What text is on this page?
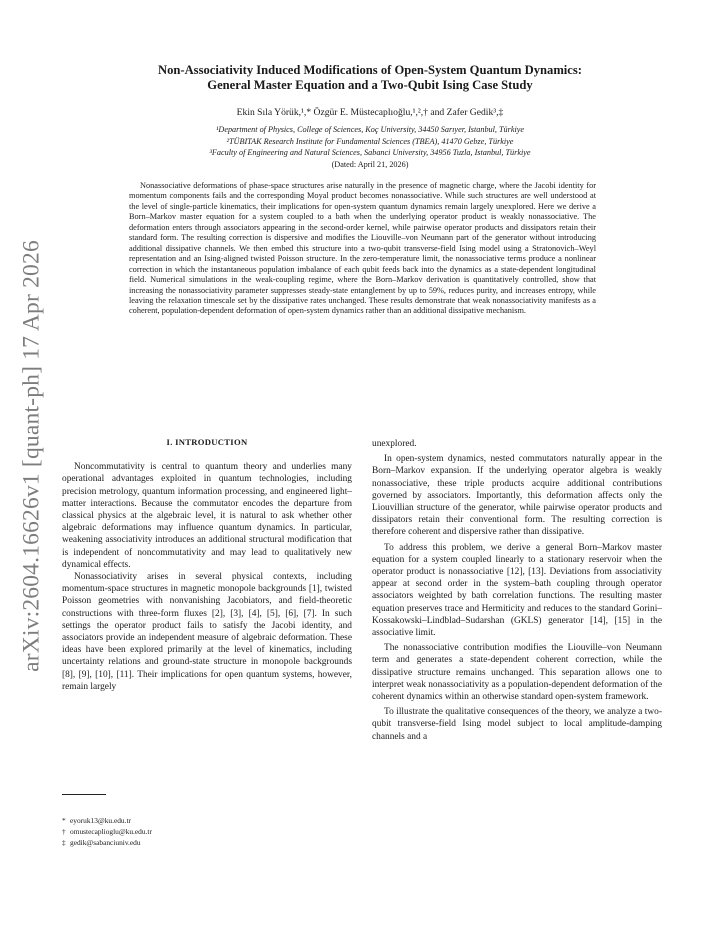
arXiv:2604.16626v1 [quant-ph] 17 Apr 2026
Non-Associativity Induced Modifications of Open-System Quantum Dynamics:
General Master Equation and a Two-Qubit Ising Case Study
Ekin Sıla Yörük,¹,* Özgür E. Müstecaplıoğlu,¹,²,† and Zafer Gedik³,‡
¹Department of Physics, College of Sciences, Koç University, 34450 Sarıyer, Istanbul, Türkiye
²TÜBITAK Research Institute for Fundamental Sciences (TBEA), 41470 Gebze, Türkiye
³Faculty of Engineering and Natural Sciences, Sabanci University, 34956 Tuzla, Istanbul, Türkiye
(Dated: April 21, 2026)
Nonassociative deformations of phase-space structures arise naturally in the presence of magnetic charge, where the Jacobi identity for momentum components fails and the corresponding Moyal product becomes nonassociative. While such structures are well understood at the level of single-particle kinematics, their implications for open-system quantum dynamics remain largely unexplored. Here we derive a Born–Markov master equation for a system coupled to a bath when the underlying operator product is weakly nonassociative. The deformation enters through associators appearing in the second-order kernel, while pairwise operator products and dissipators retain their standard form. The resulting correction is dispersive and modifies the Liouville–von Neumann part of the generator without introducing additional dissipative channels. We then embed this structure into a two-qubit transverse-field Ising model using a Stratonovich–Weyl representation and an Ising-aligned twisted Poisson structure. In the zero-temperature limit, the nonassociative terms produce a nonlinear correction in which the instantaneous population imbalance of each qubit feeds back into the dynamics as a state-dependent longitudinal field. Numerical simulations in the weak-coupling regime, where the Born–Markov derivation is quantitatively controlled, show that increasing the nonassociativity parameter suppresses steady-state entanglement by up to 59%, reduces purity, and increases entropy, while leaving the relaxation timescale set by the dissipative rates unchanged. These results demonstrate that weak nonassociativity manifests as a coherent, population-dependent deformation of open-system dynamics rather than an additional dissipative mechanism.
I. INTRODUCTION

Noncommutativity is central to quantum theory and underlies many operational advantages exploited in quantum technologies, including precision metrology, quantum information processing, and engineered light–matter interactions. Because the commutator encodes the departure from classical physics at the algebraic level, it is natural to ask whether other algebraic deformations may influence quantum dynamics. In particular, weakening associativity introduces an additional structural modification that is independent of noncommutativity and may lead to qualitatively new dynamical effects.

Nonassociativity arises in several physical contexts, including momentum-space structures in magnetic monopole backgrounds [1], twisted Poisson geometries with nonvanishing Jacobiators, and field-theoretic constructions with three-form fluxes [2], [3], [4], [5], [6], [7]. In such settings the operator product fails to satisfy the Jacobi identity, and associators provide an independent measure of algebraic deformation. These ideas have been explored primarily at the level of kinematics, including uncertainty relations and ground-state structure in monopole backgrounds [8], [9], [10], [11]. Their implications for open quantum systems, however, remain largely

unexplored.

In open-system dynamics, nested commutators naturally appear in the Born–Markov expansion. If the underlying operator algebra is weakly nonassociative, these triple products acquire additional contributions governed by associators. Importantly, this deformation affects only the Liouvillian structure of the generator, while pairwise operator products and dissipators retain their conventional form. The resulting correction is therefore coherent and dispersive rather than dissipative.

To address this problem, we derive a general Born–Markov master equation for a system coupled linearly to a stationary reservoir when the operator product is nonassociative [12], [13]. Deviations from associativity appear at second order in the system–bath coupling through operator associators weighted by bath correlation functions. The resulting master equation preserves trace and Hermiticity and reduces to the standard Gorini–Kossakowski–Lindblad–Sudarshan (GKLS) generator [14], [15] in the associative limit.

The nonassociative contribution modifies the Liouville–von Neumann term and generates a state-dependent coherent correction, while the dissipative structure remains unchanged. This separation allows one to interpret weak nonassociativity as a population-dependent deformation of the coherent dynamics within an otherwise standard open-system framework.

To illustrate the qualitative consequences of the theory, we analyze a two-qubit transverse-field Ising model subject to local amplitude-damping channels and a

* eyoruk13@ku.edu.tr
† omustecaplioglu@ku.edu.tr
‡ gedik@sabanciuniv.edu
